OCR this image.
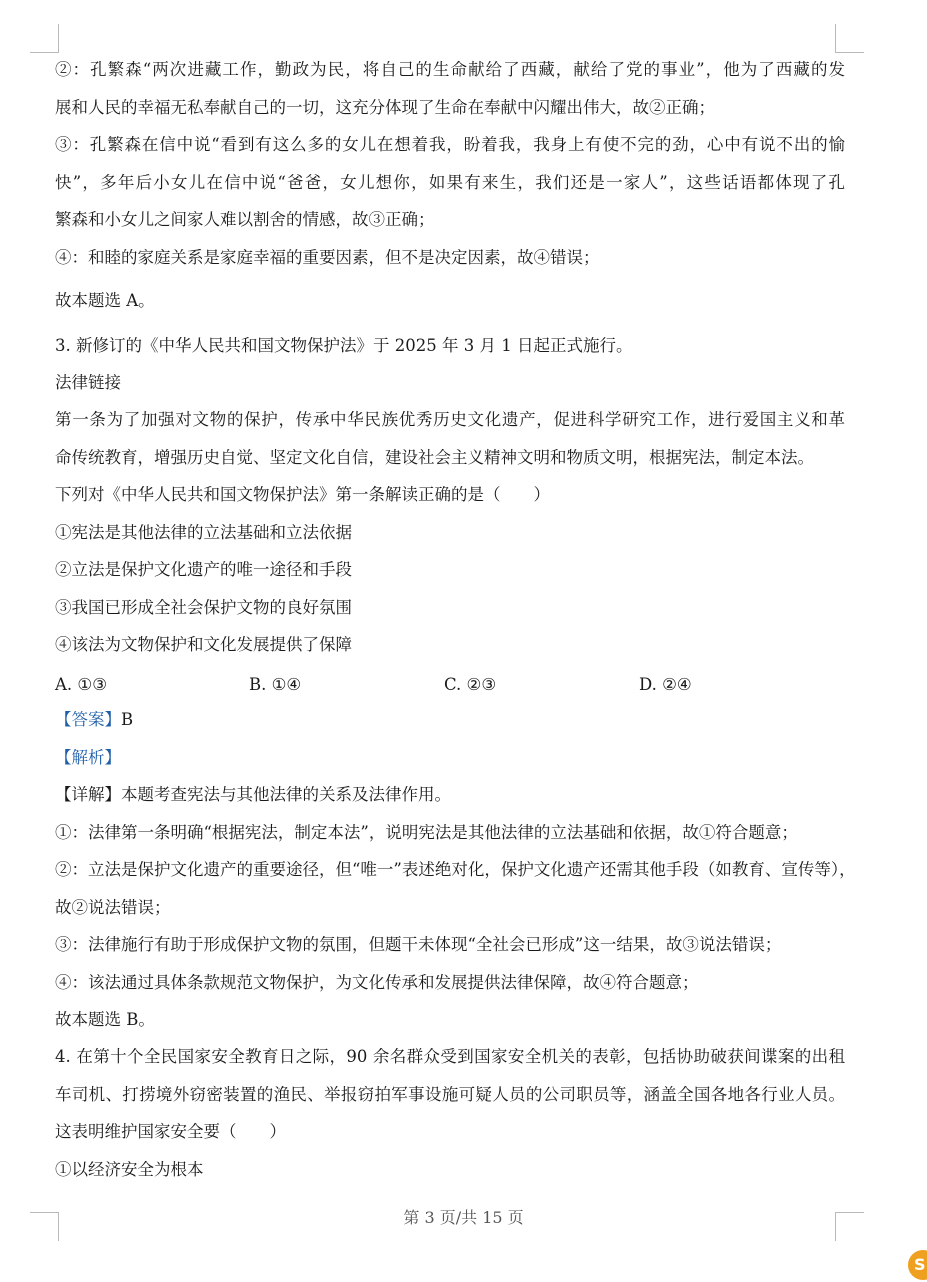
②：孔繁森“两次进藏工作，勤政为民，将自己的生命献给了西藏，献给了党的事业”，他为了西藏的发
展和人民的幸福无私奉献自己的一切，这充分体现了生命在奉献中闪耀出伟大，故②正确；
③：孔繁森在信中说“看到有这么多的女儿在想着我，盼着我，我身上有使不完的劲，心中有说不出的愉
快”，多年后小女儿在信中说“爸爸，女儿想你，如果有来生，我们还是一家人”，这些话语都体现了孔
繁森和小女儿之间家人难以割舍的情感，故③正确；
④：和睦的家庭关系是家庭幸福的重要因素，但不是决定因素，故④错误；
故本题选 A。
3. 新修订的《中华人民共和国文物保护法》于 2025 年 3 月 1 日起正式施行。
法律链接
第一条为了加强对文物的保护，传承中华民族优秀历史文化遗产，促进科学研究工作，进行爱国主义和革
命传统教育，增强历史自觉、坚定文化自信，建设社会主义精神文明和物质文明，根据宪法，制定本法。
下列对《中华人民共和国文物保护法》第一条解读正确的是（　　）
①宪法是其他法律的立法基础和立法依据
②立法是保护文化遗产的唯一途径和手段
③我国已形成全社会保护文物的良好氛围
④该法为文物保护和文化发展提供了保障
A. ①③	B. ①④	C. ②③	D. ②④
【答案】B
【解析】
【详解】本题考查宪法与其他法律的关系及法律作用。
①：法律第一条明确“根据宪法，制定本法”，说明宪法是其他法律的立法基础和依据，故①符合题意；
②：立法是保护文化遗产的重要途径，但“唯一”表述绝对化，保护文化遗产还需其他手段（如教育、宣传等），
故②说法错误；
③：法律施行有助于形成保护文物的氛围，但题干未体现“全社会已形成”这一结果，故③说法错误；
④：该法通过具体条款规范文物保护，为文化传承和发展提供法律保障，故④符合题意；
故本题选 B。
4. 在第十个全民国家安全教育日之际，90 余名群众受到国家安全机关的表彰，包括协助破获间谍案的出租
车司机、打捞境外窃密装置的渔民、举报窃拍军事设施可疑人员的公司职员等，涵盖全国各地各行业人员。
这表明维护国家安全要（　　）
①以经济安全为根本
第 3 页/共 15 页
S
